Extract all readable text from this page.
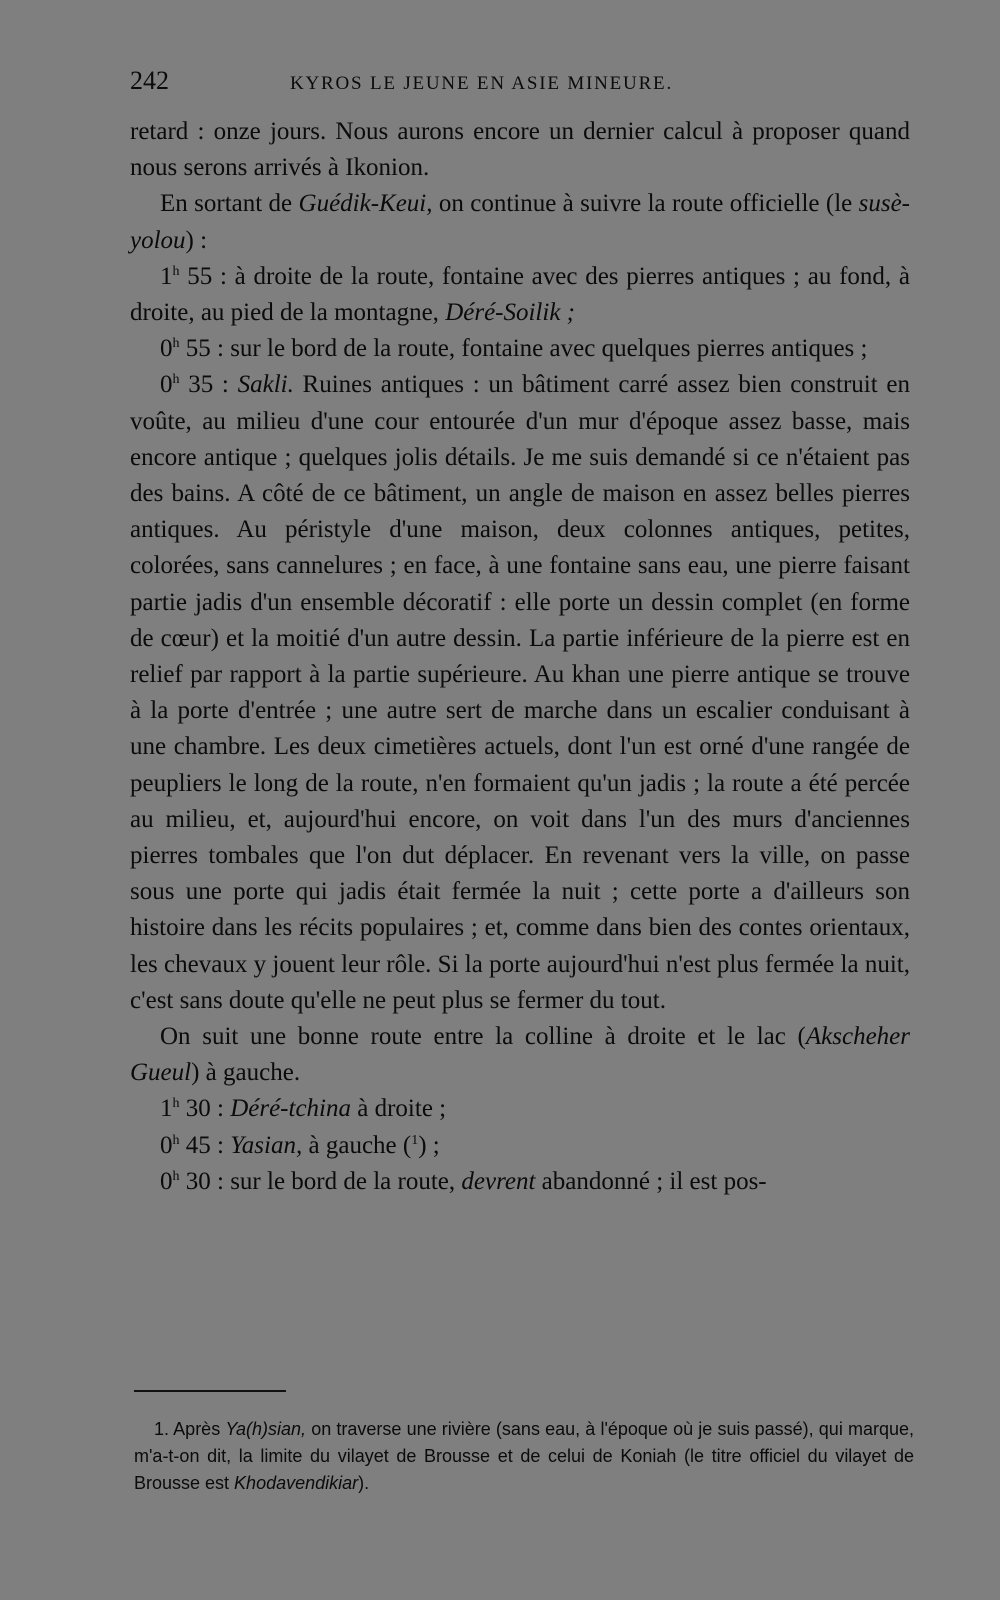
242	KYROS LE JEUNE EN ASIE MINEURE.

retard : onze jours. Nous aurons encore un dernier calcul à proposer quand nous serons arrivés à Ikonion.

En sortant de Guédik-Keui, on continue à suivre la route officielle (le susè-yolou) :

1$^h$ 55 : à droite de la route, fontaine avec des pierres antiques ; au fond, à droite, au pied de la montagne, Déré-Soilik ;

0$^h$ 55 : sur le bord de la route, fontaine avec quelques pierres antiques ;

0$^h$ 35 : Sakli. Ruines antiques : un bâtiment carré assez bien construit en voûte, au milieu d'une cour entourée d'un mur d'époque assez basse, mais encore antique ; quelques jolis détails. Je me suis demandé si ce n'étaient pas des bains. A côté de ce bâtiment, un angle de maison en assez belles pierres antiques. Au péristyle d'une maison, deux colonnes antiques, petites, colorées, sans cannelures ; en face, à une fontaine sans eau, une pierre faisant partie jadis d'un ensemble décoratif : elle porte un dessin complet (en forme de cœur) et la moitié d'un autre dessin. La partie inférieure de la pierre est en relief par rapport à la partie supérieure. Au khan une pierre antique se trouve à la porte d'entrée ; une autre sert de marche dans un escalier conduisant à une chambre. Les deux cimetières actuels, dont l'un est orné d'une rangée de peupliers le long de la route, n'en formaient qu'un jadis ; la route a été percée au milieu, et, aujourd'hui encore, on voit dans l'un des murs d'anciennes pierres tombales que l'on dut déplacer. En revenant vers la ville, on passe sous une porte qui jadis était fermée la nuit ; cette porte a d'ailleurs son histoire dans les récits populaires ; et, comme dans bien des contes orientaux, les chevaux y jouent leur rôle. Si la porte aujourd'hui n'est plus fermée la nuit, c'est sans doute qu'elle ne peut plus se fermer du tout.

On suit une bonne route entre la colline à droite et le lac (Akscheher Gueul) à gauche.

1$^h$ 30 : Déré-tchina à droite ;

0$^h$ 45 : Yasian, à gauche ($^1$) ;

0$^h$ 30 : sur le bord de la route, devrent abandonné ; il est pos-

1. Après Ya(h)sian, on traverse une rivière (sans eau, à l'époque où je suis passé), qui marque, m'a-t-on dit, la limite du vilayet de Brousse et de celui de Koniah (le titre officiel du vilayet de Brousse est Khodavendikiar).
